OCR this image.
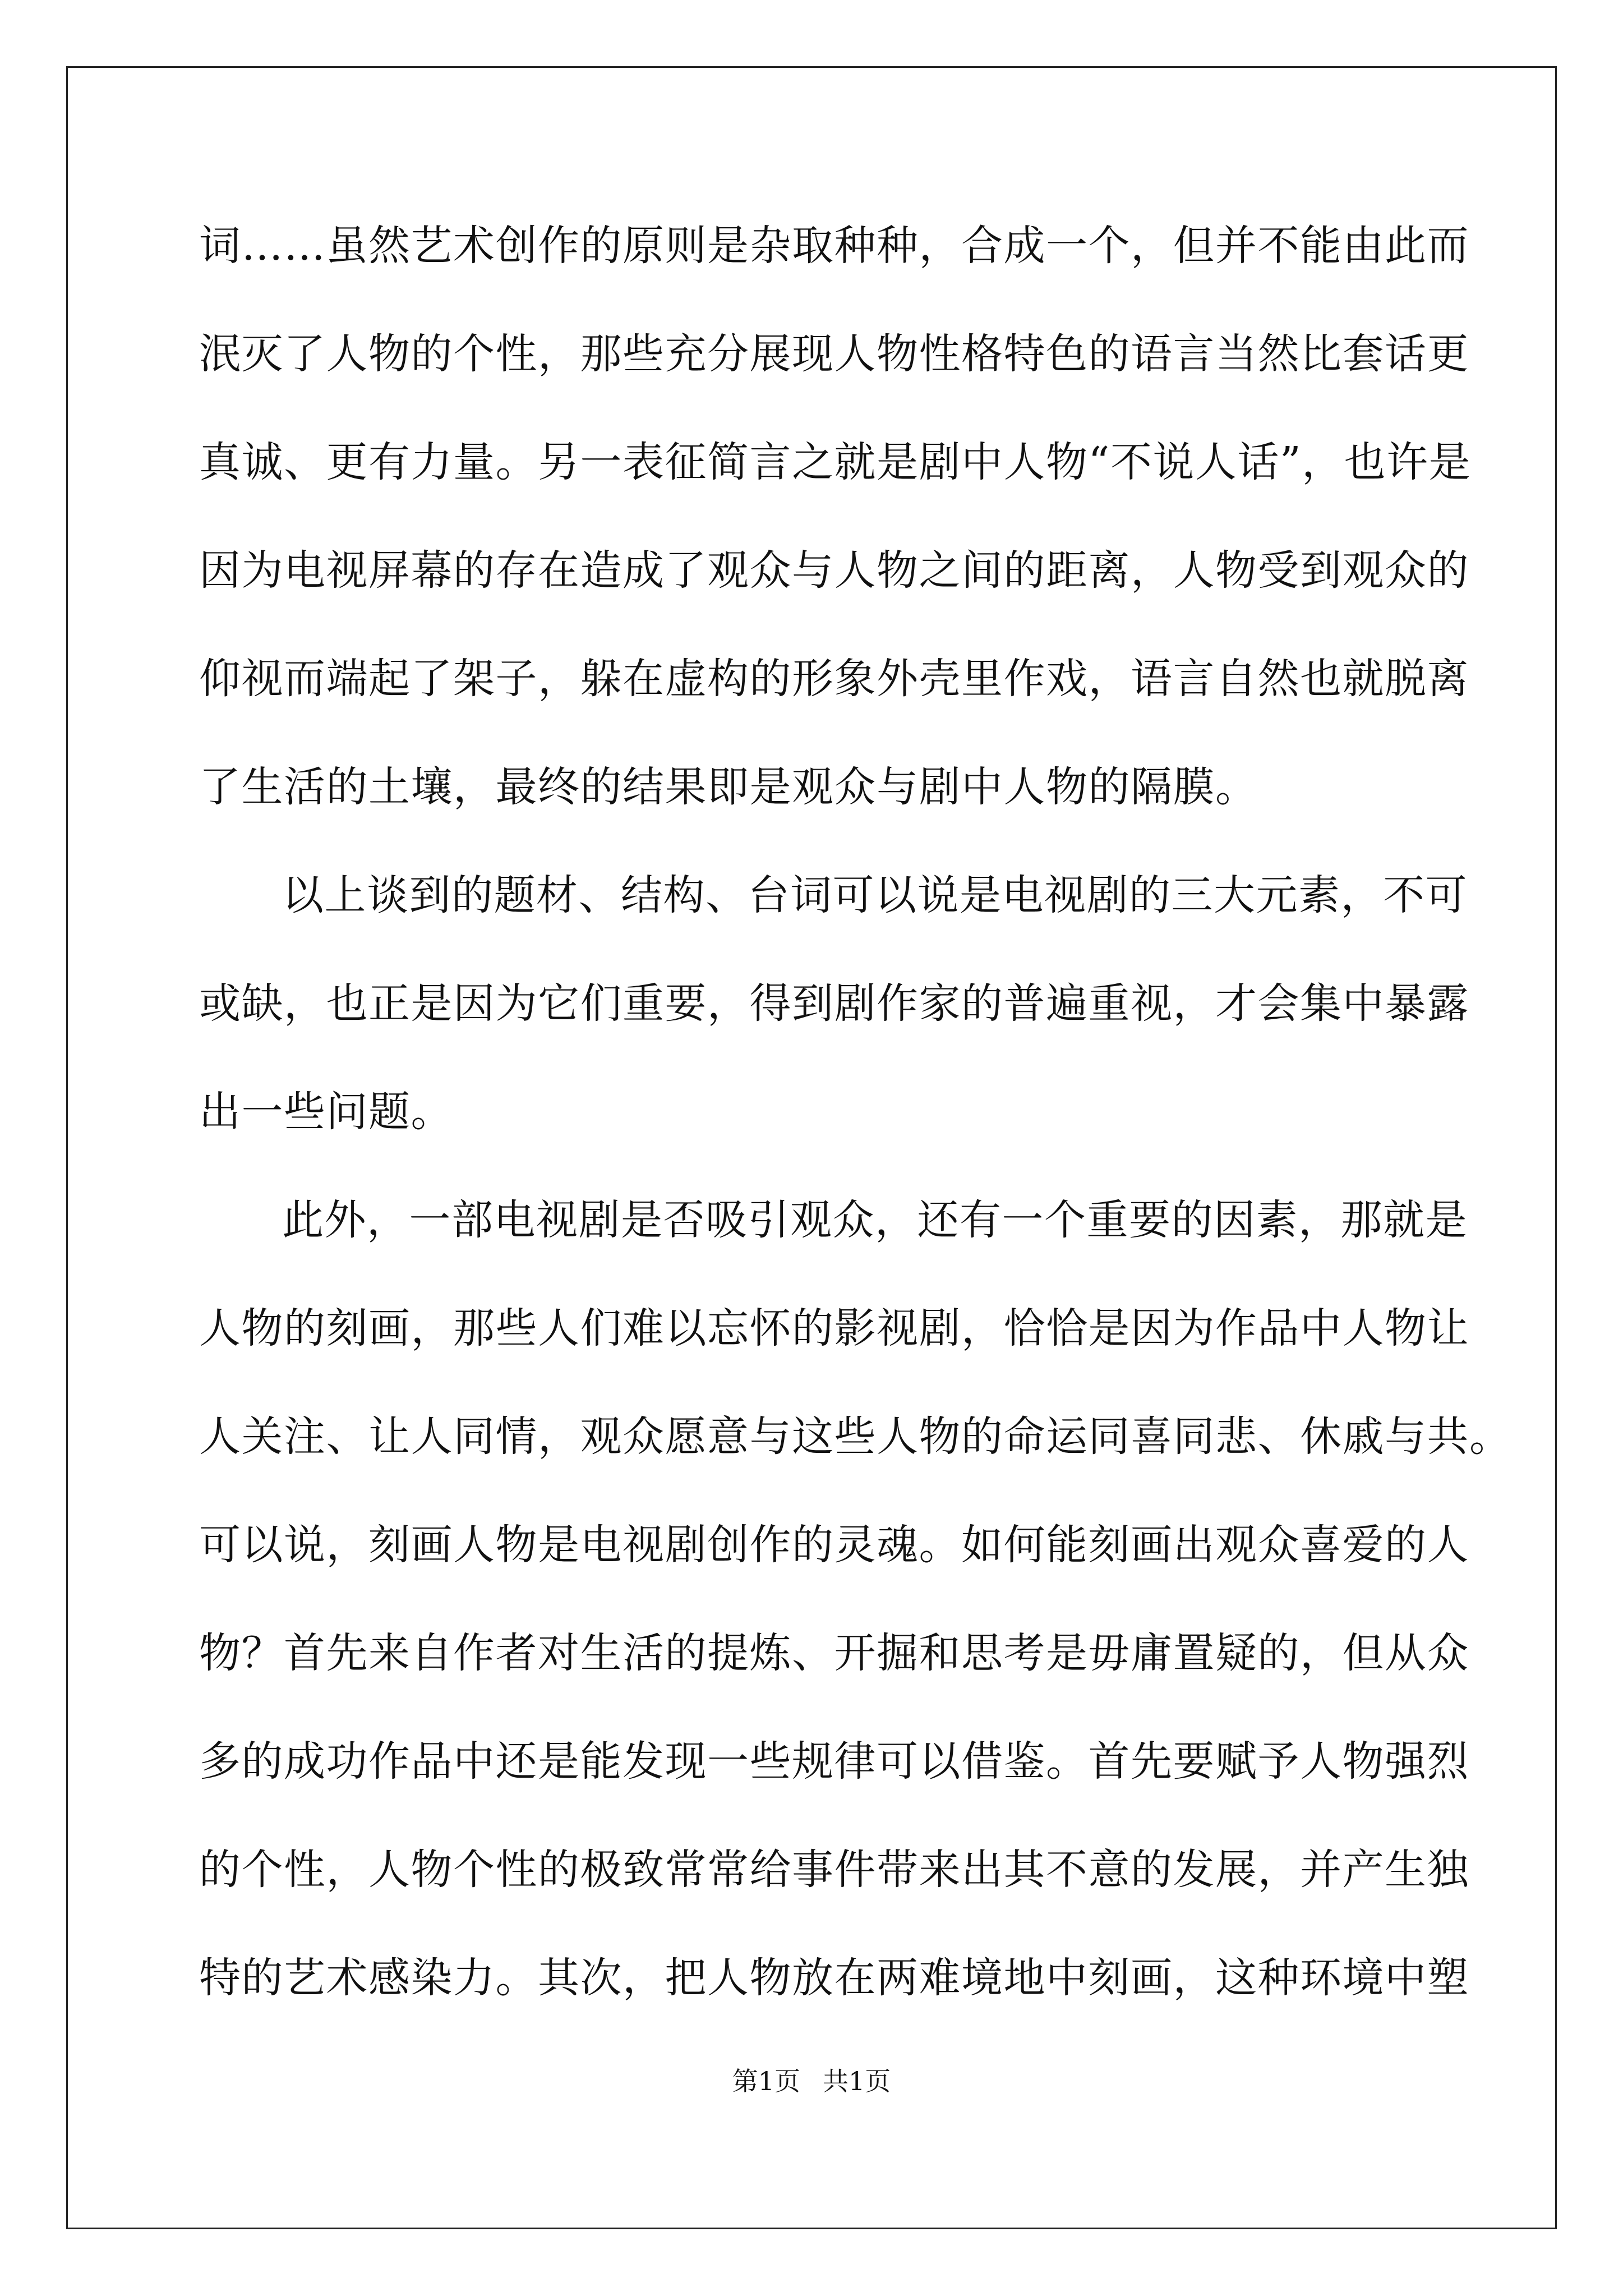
词……虽然艺术创作的原则是杂取种种，合成一个，但并不能由此而
泯灭了人物的个性，那些充分展现人物性格特色的语言当然比套话更
真诚、更有力量。另一表征简言之就是剧中人物“不说人话”，也许是
因为电视屏幕的存在造成了观众与人物之间的距离，人物受到观众的
仰视而端起了架子，躲在虚构的形象外壳里作戏，语言自然也就脱离
了生活的土壤，最终的结果即是观众与剧中人物的隔膜。
以上谈到的题材、结构、台词可以说是电视剧的三大元素，不可
或缺，也正是因为它们重要，得到剧作家的普遍重视，才会集中暴露
出一些问题。
此外，一部电视剧是否吸引观众，还有一个重要的因素，那就是
人物的刻画，那些人们难以忘怀的影视剧，恰恰是因为作品中人物让
人关注、让人同情，观众愿意与这些人物的命运同喜同悲、休戚与共。
可以说，刻画人物是电视剧创作的灵魂。如何能刻画出观众喜爱的人
物？首先来自作者对生活的提炼、开掘和思考是毋庸置疑的，但从众
多的成功作品中还是能发现一些规律可以借鉴。首先要赋予人物强烈
的个性，人物个性的极致常常给事件带来出其不意的发展，并产生独
特的艺术感染力。其次，把人物放在两难境地中刻画，这种环境中塑
第1页 共1页
